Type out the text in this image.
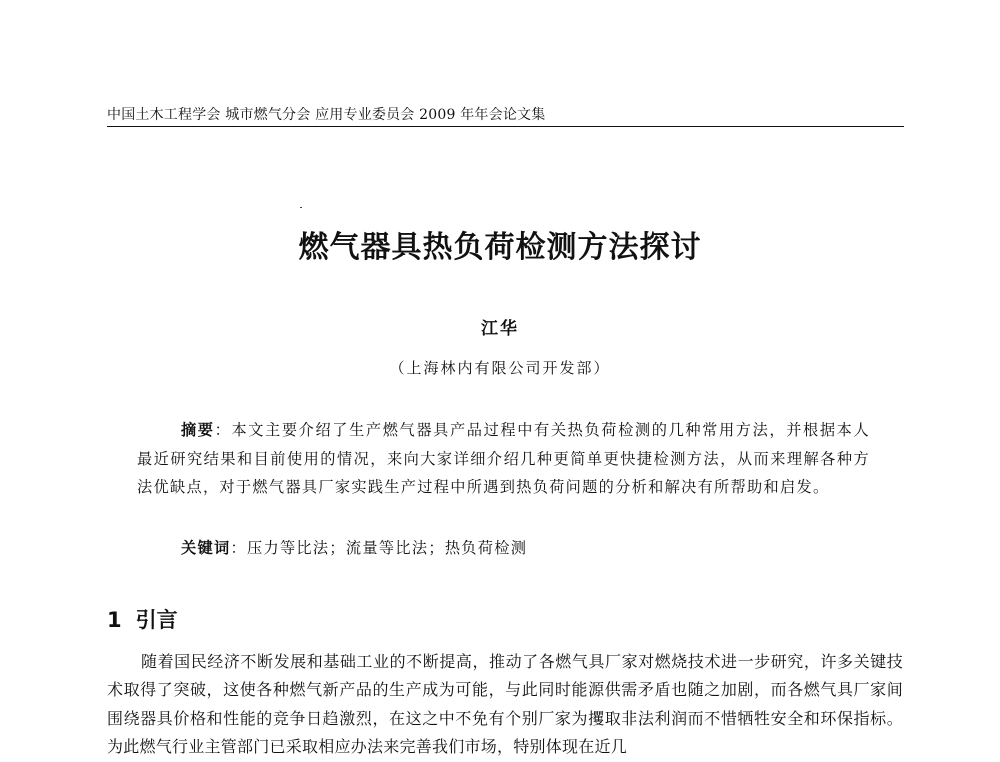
中国土木工程学会 城市燃气分会 应用专业委员会 2009 年年会论文集
燃气器具热负荷检测方法探讨
江华
（上海林内有限公司开发部）
摘要：本文主要介绍了生产燃气器具产品过程中有关热负荷检测的几种常用方法，并根据本人最近研究结果和目前使用的情况，来向大家详细介绍几种更简单更快捷检测方法，从而来理解各种方法优缺点，对于燃气器具厂家实践生产过程中所遇到热负荷问题的分析和解决有所帮助和启发。
关键词：压力等比法；流量等比法；热负荷检测
1 引言

随着国民经济不断发展和基础工业的不断提高，推动了各燃气具厂家对燃烧技术进一步研究，许多关键技术取得了突破，这使各种燃气新产品的生产成为可能，与此同时能源供需矛盾也随之加剧，而各燃气具厂家间围绕器具价格和性能的竞争日趋激烈，在这之中不免有个别厂家为攫取非法利润而不惜牺牲安全和环保指标。为此燃气行业主管部门已采取相应办法来完善我们市场，特别体现在近几
